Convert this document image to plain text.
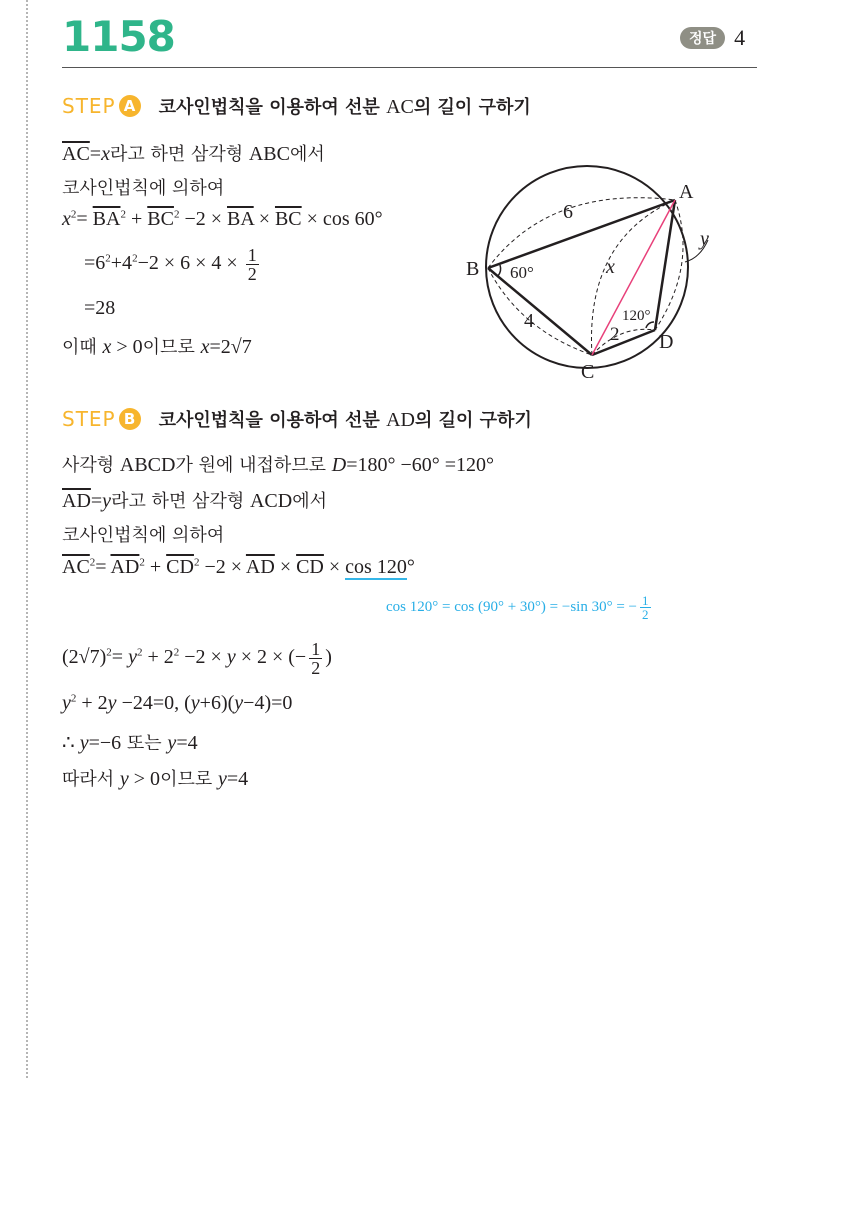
1158	정답 4
STEP A 코사인법칙을 이용하여 선분 AC의 길이 구하기
$\overline{AC}=x$라고 하면 삼각형 ABC에서
코사인법칙에 의하여
$x^2= \overline{BA}^2 + \overline{BC}^2 -2 \times \overline{BA} \times \overline{BC} \times \cos 60^\circ$
$=6^2+4^2-2 \times 6 \times 4 \times \frac{1}{2}$
=28
이때 x > 0이므로 x=2√7
A
B
C
D
6
4
2
x
y
60°
120°
STEP B 코사인법칙을 이용하여 선분 AD의 길이 구하기
사각형 ABCD가 원에 내접하므로 D=180° −60° =120°
$\overline{AD}=y$라고 하면 삼각형 ACD에서
코사인법칙에 의하여
$\overline{AC}^2= \overline{AD}^2 + \overline{CD}^2 -2 \times \overline{AD} \times \overline{CD} \times \cos 120^\circ$
cos 120° = cos (90° + 30°) = −sin 30° = − $\frac{1}{2}$
$(2√7)^2= y^2 + 2^2 -2 \times y \times 2$ × (− $\frac{1}{2}$ )
$y^2 + 2y -24=0$, (y+6)(y−4)=0
∴ y=−6 또는 y=4
따라서 y > 0이므로 y=4
